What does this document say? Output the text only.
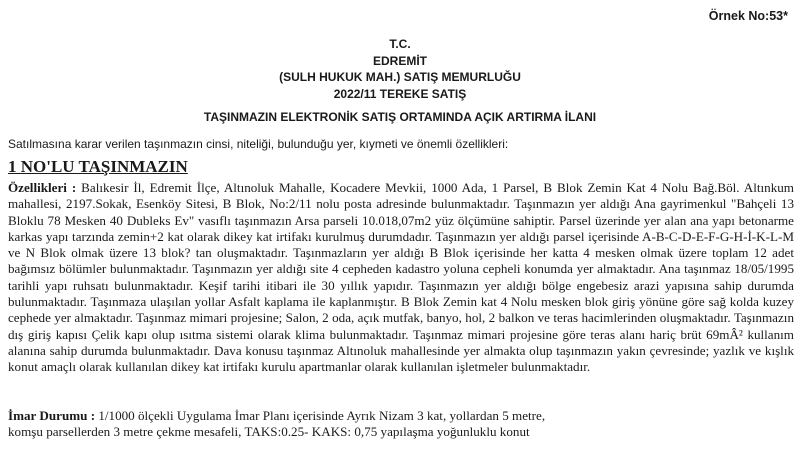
Örnek No:53*
T.C.
EDREMİT
(SULH HUKUK MAH.) SATIŞ MEMURLUĞU
2022/11 TEREKE SATIŞ
TAŞINMAZIN ELEKTRONİK SATIŞ ORTAMINDA AÇIK ARTIRMA İLANI
Satılmasına karar verilen taşınmazın cinsi, niteliği, bulunduğu yer, kıymeti ve önemli özellikleri:
1 NO'LU TAŞINMAZIN
Özellikleri : Balıkesir İl, Edremit İlçe, Altınoluk Mahalle, Kocadere Mevkii, 1000 Ada, 1 Parsel, B Blok Zemin Kat 4 Nolu Bağ.Böl. Altınkum mahallesi, 2197.Sokak, Esenköy Sitesi, B Blok, No:2/11 nolu posta adresinde bulunmaktadır. Taşınmazın yer aldığı Ana gayrimenkul "Bahçeli 13 Bloklu 78 Mesken 40 Dubleks Ev" vasıflı taşınmazın Arsa parseli 10.018,07m2 yüz ölçümüne sahiptir. Parsel üzerinde yer alan ana yapı betonarme karkas yapı tarzında zemin+2 kat olarak dikey kat irtifakı kurulmuş durumdadır. Taşınmazın yer aldığı parsel içerisinde A-B-C-D-E-F-G-H-İ-K-L-M ve N Blok olmak üzere 13 blok? tan oluşmaktadır. Taşınmazların yer aldığı B Blok içerisinde her katta 4 mesken olmak üzere toplam 12 adet bağımsız bölümler bulunmaktadır. Taşınmazın yer aldığı site 4 cepheden kadastro yoluna cepheli konumda yer almaktadır. Ana taşınmaz 18/05/1995 tarihli yapı ruhsatı bulunmaktadır. Keşif tarihi itibari ile 30 yıllık yapıdır. Taşınmazın yer aldığı bölge engebesiz arazi yapısına sahip durumda bulunmaktadır. Taşınmaza ulaşılan yollar Asfalt kaplama ile kaplanmıştır. B Blok Zemin kat 4 Nolu mesken blok giriş yönüne göre sağ kolda kuzey cephede yer almaktadır. Taşınmaz mimari projesine; Salon, 2 oda, açık mutfak, banyo, hol, 2 balkon ve teras hacimlerinden oluşmaktadır. Taşınmazın dış giriş kapısı Çelik kapı olup ısıtma sistemi olarak klima bulunmaktadır. Taşınmaz mimari projesine göre teras alanı hariç brüt 69mÂ² kullanım alanına sahip durumda bulunmaktadır. Dava konusu taşınmaz Altınoluk mahallesinde yer almakta olup taşınmazın yakın çevresinde; yazlık ve kışlık konut amaçlı olarak kullanılan dikey kat irtifakı kurulu apartmanlar olarak kullanılan işletmeler bulunmaktadır.
İmar Durumu : 1/1000 ölçekli Uygulama İmar Planı içerisinde Ayrık Nizam 3 kat, yollardan 5 metre,
komşu parsellerden 3 metre çekme mesafeli, TAKS:0.25- KAKS: 0,75 yapılaşma yoğunluklu konut
